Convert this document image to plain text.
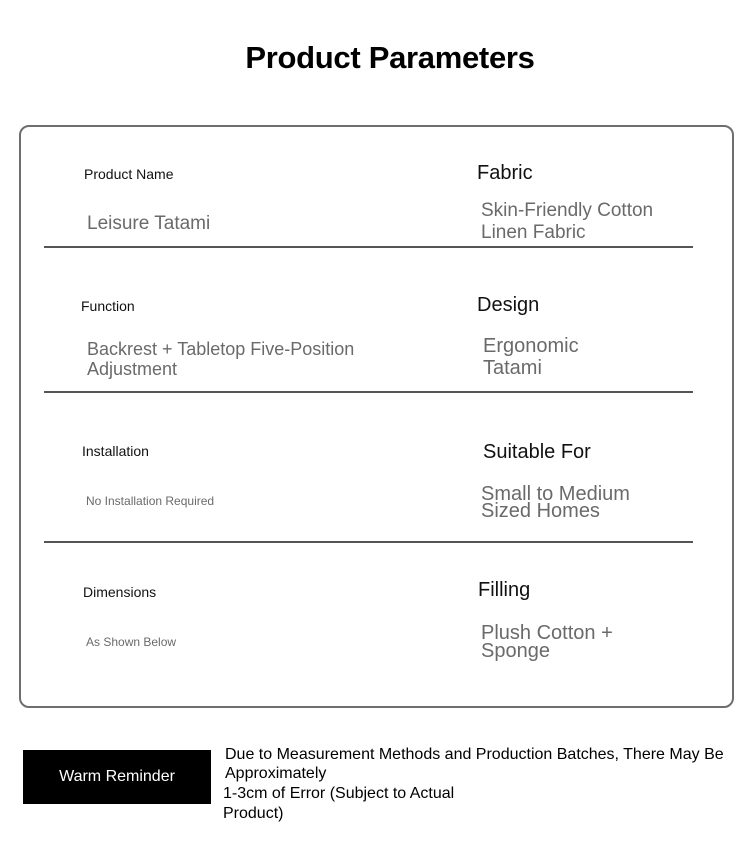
Product Parameters
Product Name
Leisure Tatami
Fabric
Skin-Friendly Cotton
Linen Fabric
Function
Backrest + Tabletop Five-Position
Adjustment
Design
Ergonomic
Tatami
Installation
No Installation Required
Suitable For
Small to Medium
Sized Homes
Dimensions
As Shown Below
Filling
Plush Cotton +
Sponge
Warm Reminder
Due to Measurement Methods and Production Batches, There May Be
Approximately
1-3cm of Error (Subject to Actual
Product)
